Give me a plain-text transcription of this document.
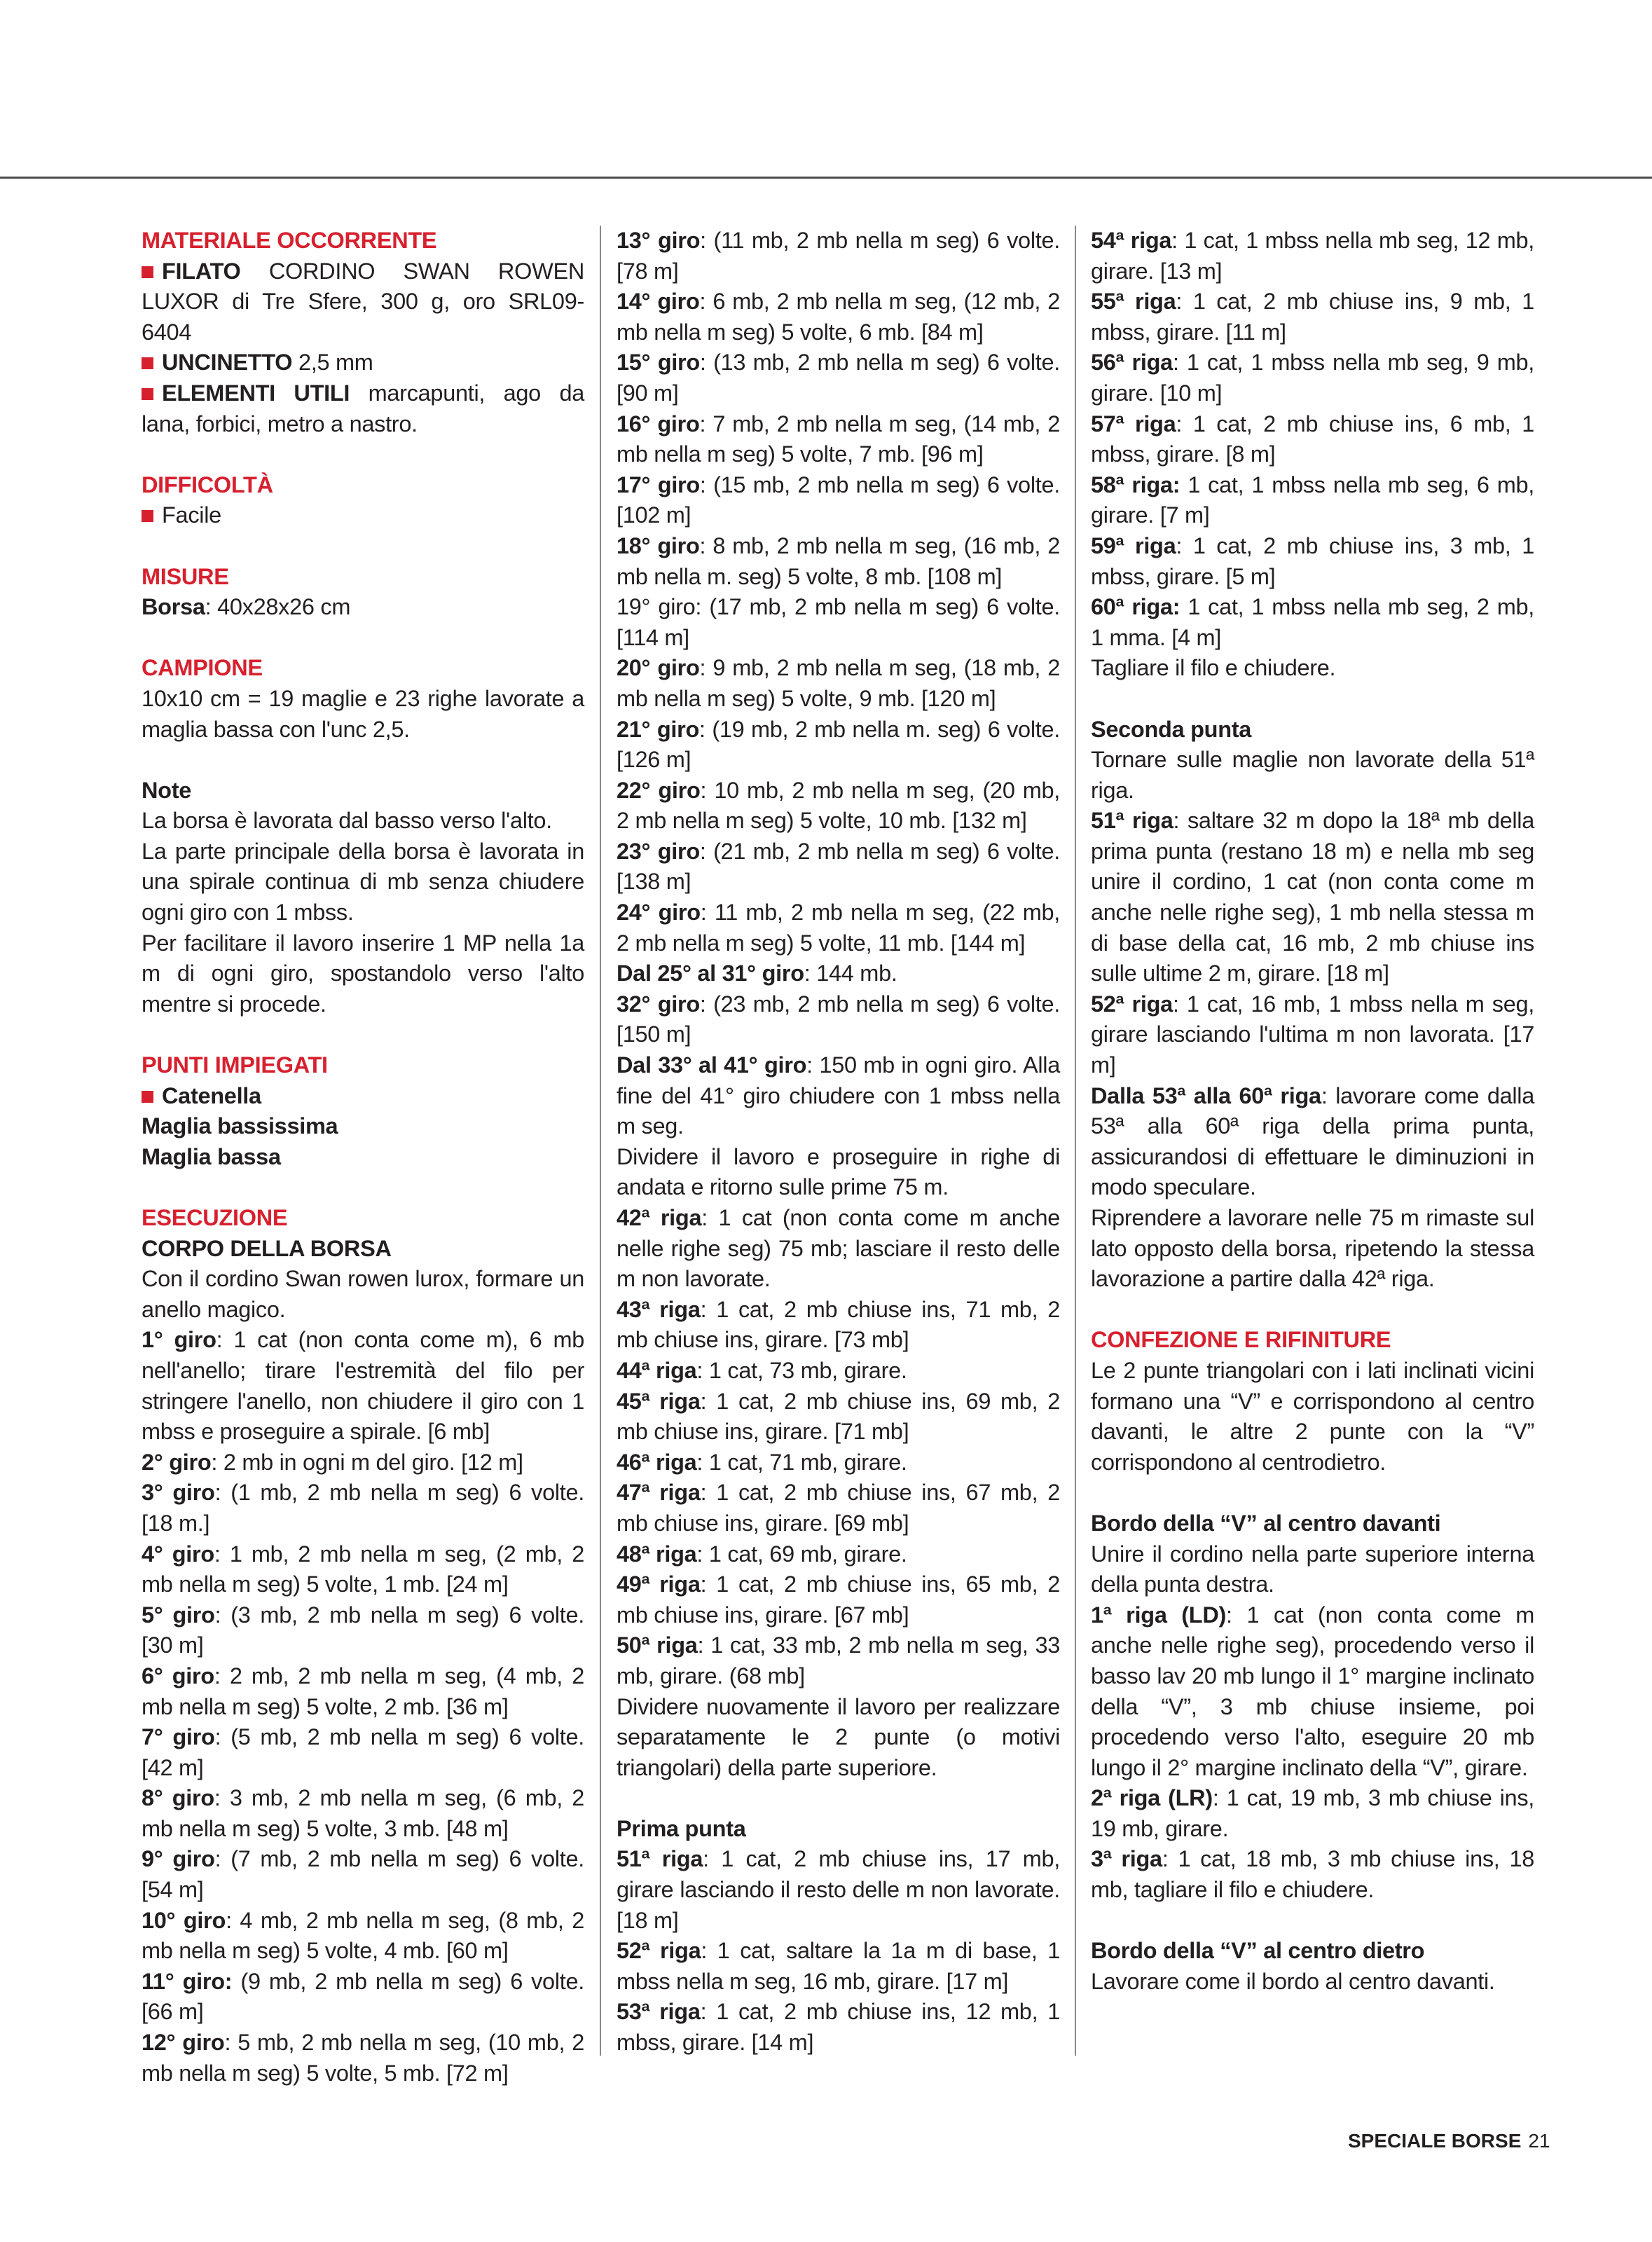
MATERIALE OCCORRENTE

FILATO CORDINO SWAN ROWEN LUXOR di Tre Sfere, 300 g, oro SRL09-6404

UNCINETTO 2,5 mm

ELEMENTI UTILI marcapunti, ago da lana, forbici, metro a nastro.

DIFFICOLTÀ

Facile

MISURE

Borsa: 40x28x26 cm

CAMPIONE

10x10 cm = 19 maglie e 23 righe lavorate a maglia bassa con l'unc 2,5.

Note

La borsa è lavorata dal basso verso l'alto.

La parte principale della borsa è lavorata in una spirale continua di mb senza chiudere ogni giro con 1 mbss.

Per facilitare il lavoro inserire 1 MP nella 1a m di ogni giro, spostandolo verso l'alto mentre si procede.

PUNTI IMPIEGATI

Catenella

Maglia bassissima

Maglia bassa

ESECUZIONE

CORPO DELLA BORSA

Con il cordino Swan rowen lurox, formare un anello magico.

1° giro: 1 cat (non conta come m), 6 mb nell'anello; tirare l'estremità del filo per stringere l'anello, non chiudere il giro con 1 mbss e proseguire a spirale. [6 mb]

2° giro: 2 mb in ogni m del giro. [12 m]

3° giro: (1 mb, 2 mb nella m seg) 6 volte. [18 m.]

4° giro: 1 mb, 2 mb nella m seg, (2 mb, 2 mb nella m seg) 5 volte, 1 mb. [24 m]

5° giro: (3 mb, 2 mb nella m seg) 6 volte. [30 m]

6° giro: 2 mb, 2 mb nella m seg, (4 mb, 2 mb nella m seg) 5 volte, 2 mb. [36 m]

7° giro: (5 mb, 2 mb nella m seg) 6 volte. [42 m]

8° giro: 3 mb, 2 mb nella m seg, (6 mb, 2 mb nella m seg) 5 volte, 3 mb. [48 m]

9° giro: (7 mb, 2 mb nella m seg) 6 volte. [54 m]

10° giro: 4 mb, 2 mb nella m seg, (8 mb, 2 mb nella m seg) 5 volte, 4 mb. [60 m]

11° giro: (9 mb, 2 mb nella m seg) 6 volte. [66 m]

12° giro: 5 mb, 2 mb nella m seg, (10 mb, 2 mb nella m seg) 5 volte, 5 mb. [72 m]

13° giro: (11 mb, 2 mb nella m seg) 6 volte. [78 m]

14° giro: 6 mb, 2 mb nella m seg, (12 mb, 2 mb nella m seg) 5 volte, 6 mb. [84 m]

15° giro: (13 mb, 2 mb nella m seg) 6 volte. [90 m]

16° giro: 7 mb, 2 mb nella m seg, (14 mb, 2 mb nella m seg) 5 volte, 7 mb. [96 m]

17° giro: (15 mb, 2 mb nella m seg) 6 volte. [102 m]

18° giro: 8 mb, 2 mb nella m seg, (16 mb, 2 mb nella m. seg) 5 volte, 8 mb. [108 m]

19° giro: (17 mb, 2 mb nella m seg) 6 volte. [114 m]

20° giro: 9 mb, 2 mb nella m seg, (18 mb, 2 mb nella m seg) 5 volte, 9 mb. [120 m]

21° giro: (19 mb, 2 mb nella m. seg) 6 volte. [126 m]

22° giro: 10 mb, 2 mb nella m seg, (20 mb, 2 mb nella m seg) 5 volte, 10 mb. [132 m]

23° giro: (21 mb, 2 mb nella m seg) 6 volte. [138 m]

24° giro: 11 mb, 2 mb nella m seg, (22 mb, 2 mb nella m seg) 5 volte, 11 mb. [144 m]

Dal 25° al 31° giro: 144 mb.

32° giro: (23 mb, 2 mb nella m seg) 6 volte. [150 m]

Dal 33° al 41° giro: 150 mb in ogni giro. Alla fine del 41° giro chiudere con 1 mbss nella m seg.

Dividere il lavoro e proseguire in righe di andata e ritorno sulle prime 75 m.

42ª riga: 1 cat (non conta come m anche nelle righe seg) 75 mb; lasciare il resto delle m non lavorate.

43ª riga: 1 cat, 2 mb chiuse ins, 71 mb, 2 mb chiuse ins, girare. [73 mb]

44ª riga: 1 cat, 73 mb, girare.

45ª riga: 1 cat, 2 mb chiuse ins, 69 mb, 2 mb chiuse ins, girare. [71 mb]

46ª riga: 1 cat, 71 mb, girare.

47ª riga: 1 cat, 2 mb chiuse ins, 67 mb, 2 mb chiuse ins, girare. [69 mb]

48ª riga: 1 cat, 69 mb, girare.

49ª riga: 1 cat, 2 mb chiuse ins, 65 mb, 2 mb chiuse ins, girare. [67 mb]

50ª riga: 1 cat, 33 mb, 2 mb nella m seg, 33 mb, girare. (68 mb]

Dividere nuovamente il lavoro per realizzare separatamente le 2 punte (o motivi triangolari) della parte superiore.

Prima punta

51ª riga: 1 cat, 2 mb chiuse ins, 17 mb, girare lasciando il resto delle m non lavorate. [18 m]

52ª riga: 1 cat, saltare la 1a m di base, 1 mbss nella m seg, 16 mb, girare. [17 m]

53ª riga: 1 cat, 2 mb chiuse ins, 12 mb, 1 mbss, girare. [14 m]

54ª riga: 1 cat, 1 mbss nella mb seg, 12 mb, girare. [13 m]

55ª riga: 1 cat, 2 mb chiuse ins, 9 mb, 1 mbss, girare. [11 m]

56ª riga: 1 cat, 1 mbss nella mb seg, 9 mb, girare. [10 m]

57ª riga: 1 cat, 2 mb chiuse ins, 6 mb, 1 mbss, girare. [8 m]

58ª riga: 1 cat, 1 mbss nella mb seg, 6 mb, girare. [7 m]

59ª riga: 1 cat, 2 mb chiuse ins, 3 mb, 1 mbss, girare. [5 m]

60ª riga: 1 cat, 1 mbss nella mb seg, 2 mb, 1 mma. [4 m]

Tagliare il filo e chiudere.

Seconda punta

Tornare sulle maglie non lavorate della 51ª riga.

51ª riga: saltare 32 m dopo la 18ª mb della prima punta (restano 18 m) e nella mb seg unire il cordino, 1 cat (non conta come m anche nelle righe seg), 1 mb nella stessa m di base della cat, 16 mb, 2 mb chiuse ins sulle ultime 2 m, girare. [18 m]

52ª riga: 1 cat, 16 mb, 1 mbss nella m seg, girare lasciando l'ultima m non lavorata. [17 m]

Dalla 53ª alla 60ª riga: lavorare come dalla 53ª alla 60ª riga della prima punta, assicurandosi di effettuare le diminuzioni in modo speculare.

Riprendere a lavorare nelle 75 m rimaste sul lato opposto della borsa, ripetendo la stessa lavorazione a partire dalla 42ª riga.

CONFEZIONE E RIFINITURE

Le 2 punte triangolari con i lati inclinati vicini formano una “V” e corrispondono al centro davanti, le altre 2 punte con la “V” corrispondono al centrodietro.

Bordo della “V” al centro davanti

Unire il cordino nella parte superiore interna della punta destra.

1ª riga (LD): 1 cat (non conta come m anche nelle righe seg), procedendo verso il basso lav 20 mb lungo il 1° margine inclinato della “V”, 3 mb chiuse insieme, poi procedendo verso l'alto, eseguire 20 mb lungo il 2° margine inclinato della “V”, girare.

2ª riga (LR): 1 cat, 19 mb, 3 mb chiuse ins, 19 mb, girare.

3ª riga: 1 cat, 18 mb, 3 mb chiuse ins, 18 mb, tagliare il filo e chiudere.

Bordo della “V” al centro dietro

Lavorare come il bordo al centro davanti.

SPECIALE BORSE 21
